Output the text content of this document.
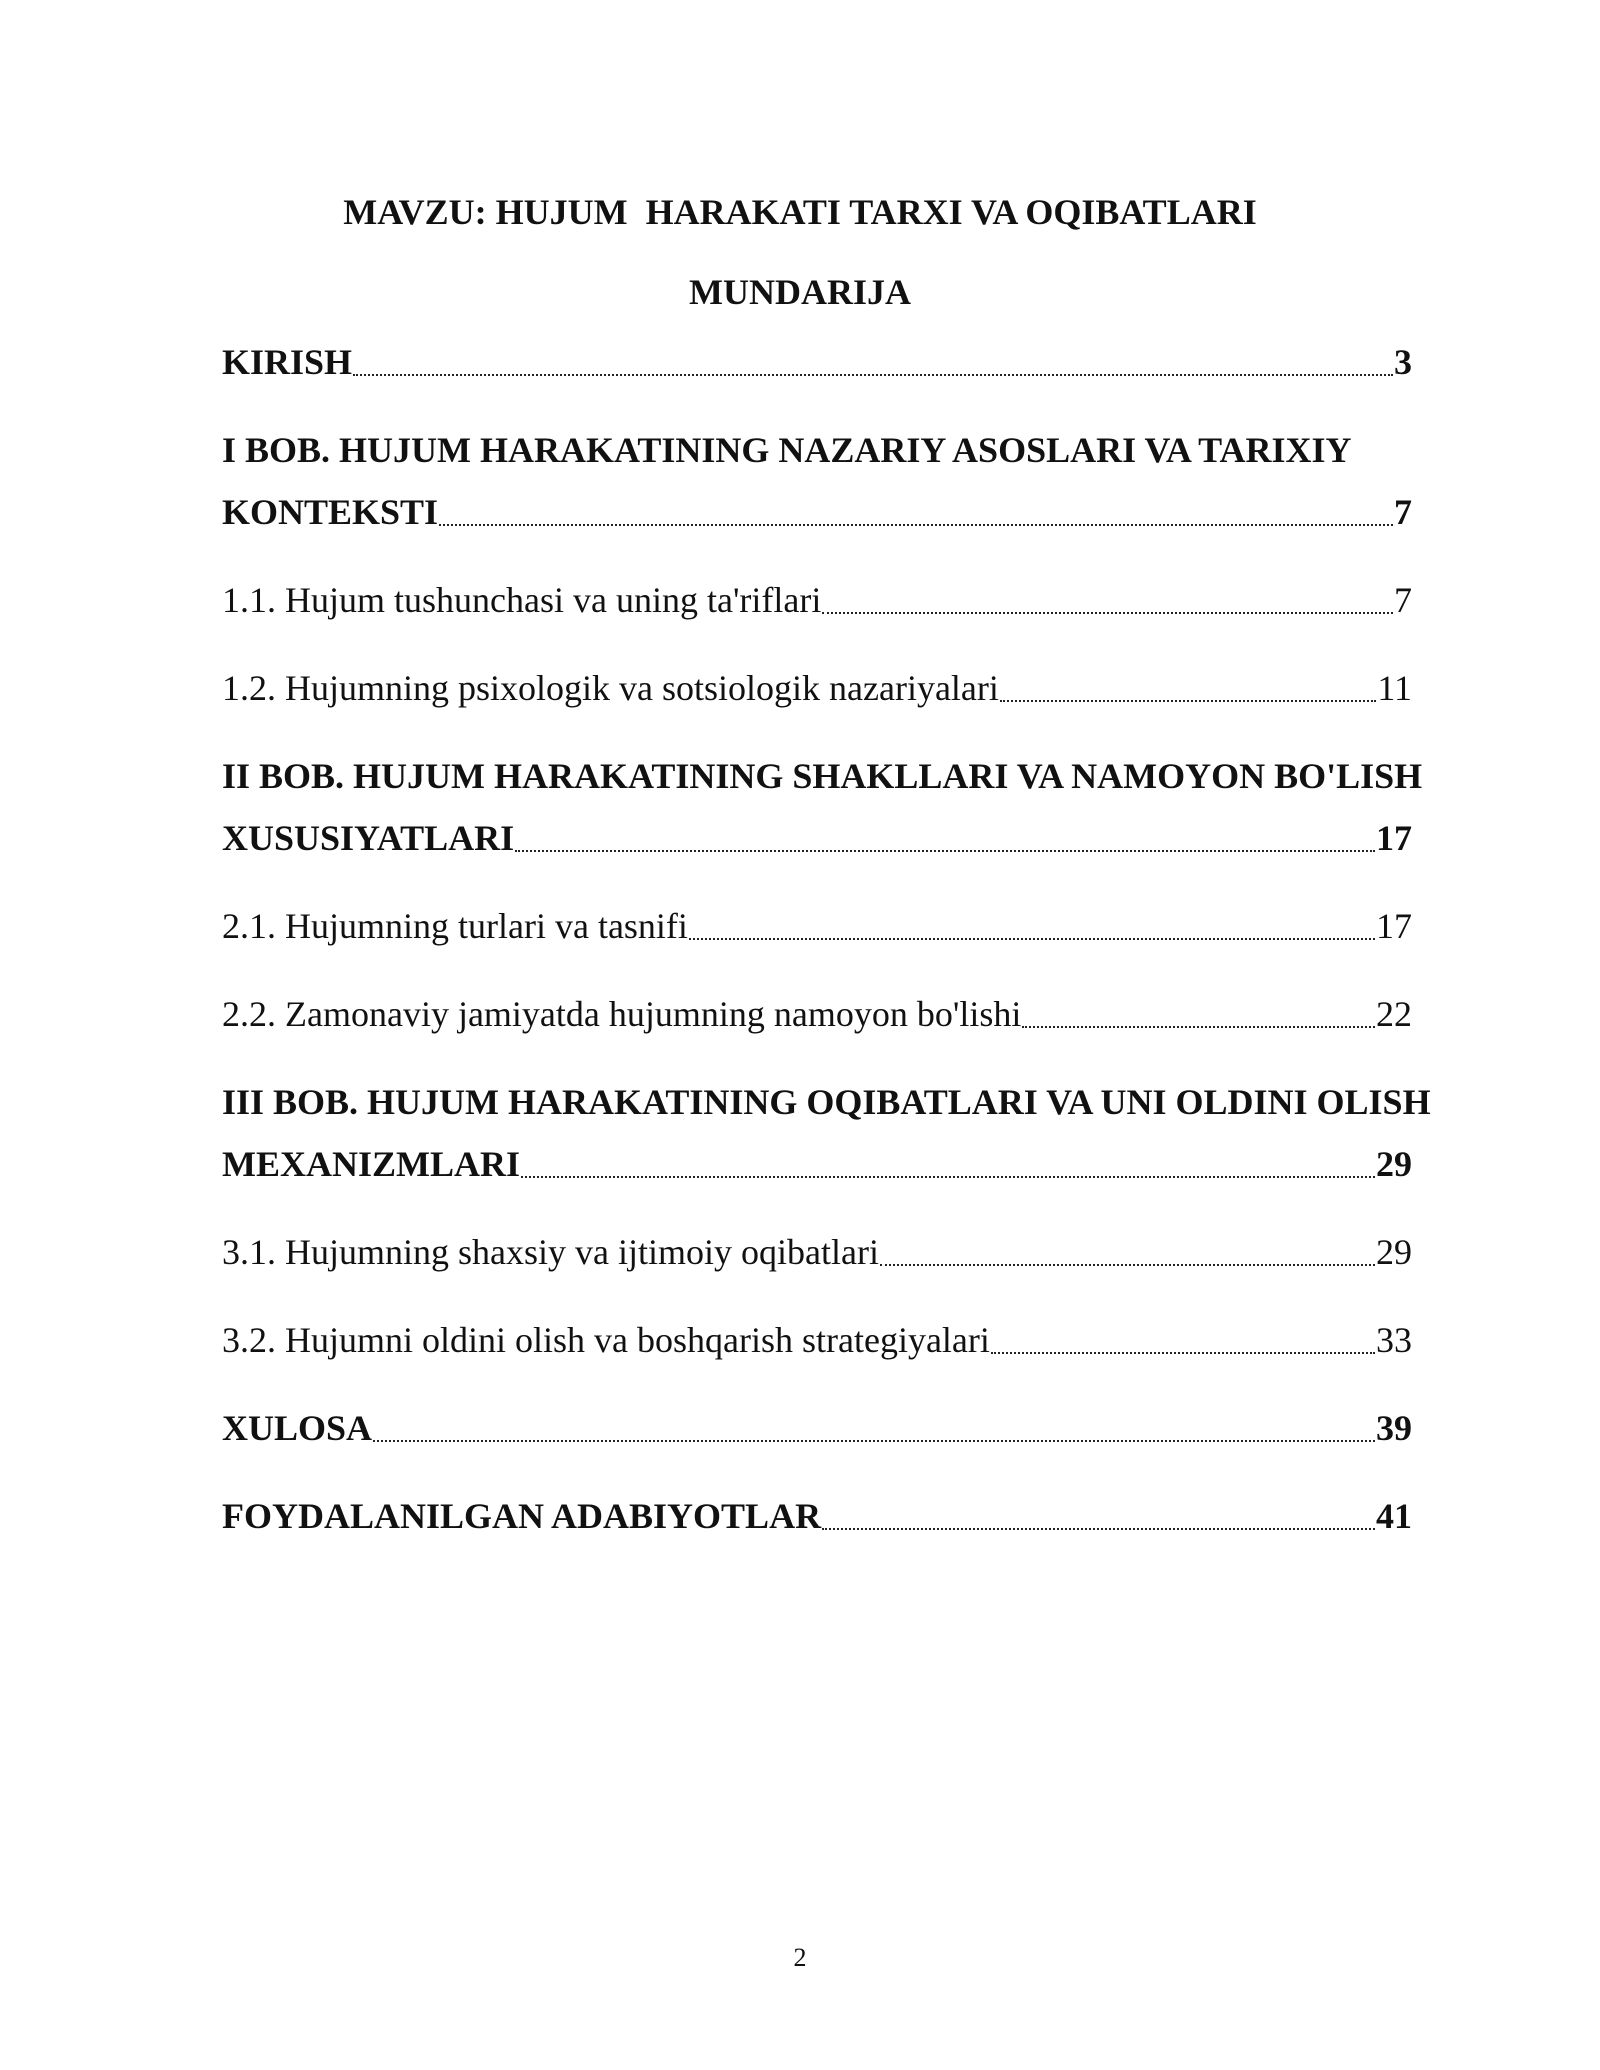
MAVZU: HUJUM  HARAKATI TARXI VA OQIBATLARI
MUNDARIJA
KIRISH	3
I BOB. HUJUM HARAKATINING NAZARIY ASOSLARI VA TARIXIY
KONTEKSTI	7
1.1. Hujum tushunchasi va uning ta'riflari	7
1.2. Hujumning psixologik va sotsiologik nazariyalari	11
II BOB. HUJUM HARAKATINING SHAKLLARI VA NAMOYON BO'LISH
XUSUSIYATLARI	17
2.1. Hujumning turlari va tasnifi	17
2.2. Zamonaviy jamiyatda hujumning namoyon bo'lishi	22
III BOB. HUJUM HARAKATINING OQIBATLARI VA UNI OLDINI OLISH
MEXANIZMLARI	29
3.1. Hujumning shaxsiy va ijtimoiy oqibatlari	29
3.2. Hujumni oldini olish va boshqarish strategiyalari	33
XULOSA	39
FOYDALANILGAN ADABIYOTLAR	41
2
